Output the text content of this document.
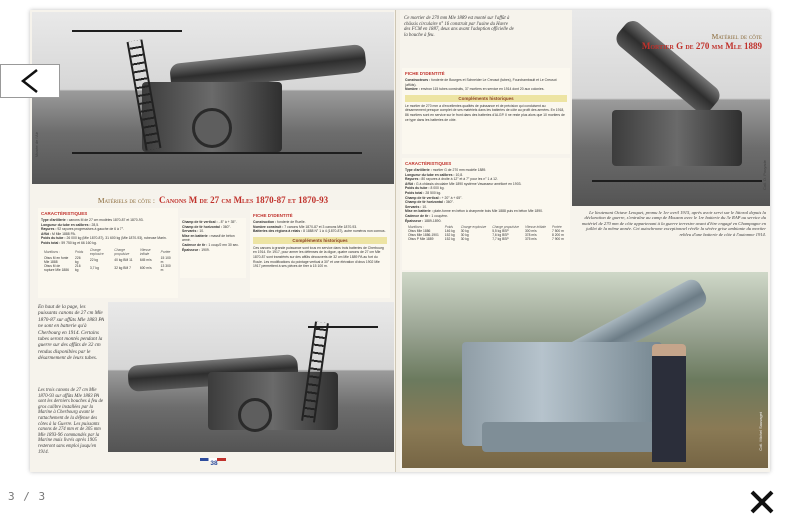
Musée de l'Air
Matériels de côte : Canons M de 27 cm Mles 1870-87 et 1870-93
CARACTÉRISTIQUES

Type d'artillerie : canons M de 27 cm modèles 1870-87 et 1870-93.

Longueur du tube en calibres : 28,5.

Rayures : 92 rayures progressives à gauche de 6 à 7°.

Affût : M Mle 1888 PA.

Poids du tube : 26 000 kg (Mle 1870-87), 31 600 kg (Mle 1870-93), rubeuse Marin.

Poids total : 59 750 kg et 66 160 kg.

Munitions :	Poids	Charge explosive	Charge propulsive	Vitesse initiale	Portée
Obus M en fonte Mle 1888	226 kg	22 kg	40 kg BM 11	645 m/s	15 100 m
Obus M de rupture Mle 1886	216 kg	3,7 kg	32 kg BM 7	600 m/s	13 300 m

Champ de tir vertical : - 8° à + 35°.

Champ de tir horizontal : 360°.

Servants : 10.

Mise en batterie : massif de béton armé.

Cadence de tir : 1 coup/2 mn 30 sec.

Épaisseur : 1909.

FICHE D'IDENTITÉ

Construction : fonderie de Ruelle.

Nombre construit : 7 canons Mle 1870-87 et 3 canons Mle 1870-93.

Batteries des régions à relais : 8 1888 N° 1 à 4 (1870-87), autre numéros non connus.

Compléments historiques

Ces canons à grande puissance sont tous en service dans trois batteries de Cherbourg en 1914. En 1917, pour armer les défenses de la digue, quatre canons de 27 cm Mle 1870-87 sont transférés sur des affûts découverts de 32 cm Mle 1889 PA au fort du Roule. Les modifications du pointage vertical à 30° et une élévation d'obus 1902 Mle 1917 permettent à ses pièces de tirer à 15 100 m.

En haut de la page, les puissants canons de 27 cm Mle 1870-87 sur affûts Mle 1883 PA ne sont en batterie qu'à Cherbourg en 1914. Certains tubes seront montés pendant la guerre sur des affûts de 32 cm rendus disponibles par le désarmement de leurs tubes.
Les trois canons de 27 cm Mle 1870-93 sur affûts Mle 1883 PA sont les derniers bouches à feu de gros calibre installées par la Marine à Cherbourg avant le rattachement de la défense des côtes à la Guerre. Les puissants canons de 274 mm et de 305 mm Mle 1893-96 commandés par la Marine mais livrés après 1905 resteront sans emploi jusqu'en 1914.
38
Ce mortier de 270 mm Mle 1889 est monté sur l'affût à châssis circulaire n° 16 construit par l'usine du Havre des FCM en 1887, deux ans avant l'adoption officielle de la bouche à feu.
Coll. D. Pouyade
Matériel de côte
Mortier G de 270 mm Mle 1889
FICHE D'IDENTITÉ

Constructeurs : fonderie de Bourges et Schneider Le Creusot (tubes), Fourchambault et Le Creusot (affûts).

Nombre : environ 115 tubes construits, 37 mortiers en service en 1914 dont 20 aux colonies.

Compléments historiques

Le mortier de 270 mm a d'excellentes qualités de puissance et de précision qui conduisent au désarmement presque complet de ses matériels dans les batteries de côte au profit des armées. En 1918, 86 mortiers sont en service sur le front dans des batteries d'ALGP. Il ne reste plus alors que 10 mortiers de ce type dans les batteries de côte.

CARACTÉRISTIQUES

Type d'artillerie : mortier G de 270 mm modèle 1889.

Longueur du tube en calibres : 10,8.

Rayures : 80 rayures à droite à 12° et à 7° pour les n° 1 à 12.

Affût : G à châssis circulaire Mle 1890 système Vavasseur amélioré en 1903.

Poids du tube : 8 000 kg.

Poids total : 28 500 kg.

Champ de tir vertical : + 20° à + 65°.

Champ de tir horizontal : 360°.

Servants : 10.

Mise en batterie : plate-forme en béton à charpente bois Mle 1888 puis en béton Mle 1890.

Cadence de tir : 1 coup/mn.

Épaisseur : 1889-1890.

Munitions :	Poids	Charge explosive	Charge propulsive	Vitesse initiale	Portée
Obus Mle 1886	146 kg	30 kg	5,5 kg BSP	300 m/s	7 500 m
Obus Mle 1886-1901	152 kg	30 kg	7,6 kg BSP	378 m/s	8 200 m
Obus P Mle 1889	152 kg	30 kg	7,7 kg BSP	375 m/s	7 900 m
Le lieutenant Octave Lenquet, promu le 1er avril 1915, après avoir servi sur le littoral depuis la déclaration de guerre, s'entraîne au camp de Mouzon avec le 1re batterie du 3e RAP au service du matériel de 270 mm de côte appartenant à la guerre terrestre avant d'être engagé en Champagne en juillet de la même année. Cet autochrome exceptionnel révèle la sévère grise ambiante du mortier rebleu d'une batterie de côte à l'automne 1914.
Coll. Michel Sauvaget
3 / 3
